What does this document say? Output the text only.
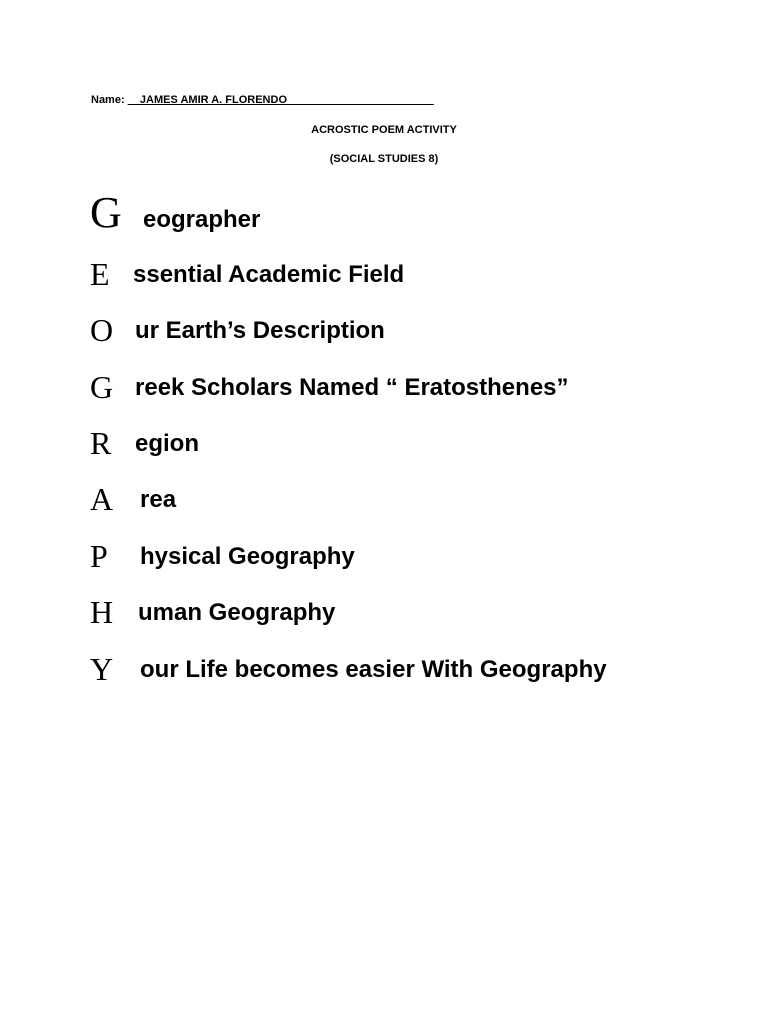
Name: __JAMES AMIR A. FLORENDO________________________
ACROSTIC POEM ACTIVITY
(SOCIAL STUDIES 8)
G eographer
E ssential Academic Field
O ur Earth’s Description
G reek Scholars Named “ Eratosthenes”
R egion
A rea
P hysical Geography
H uman Geography
Y our Life becomes easier With Geography
